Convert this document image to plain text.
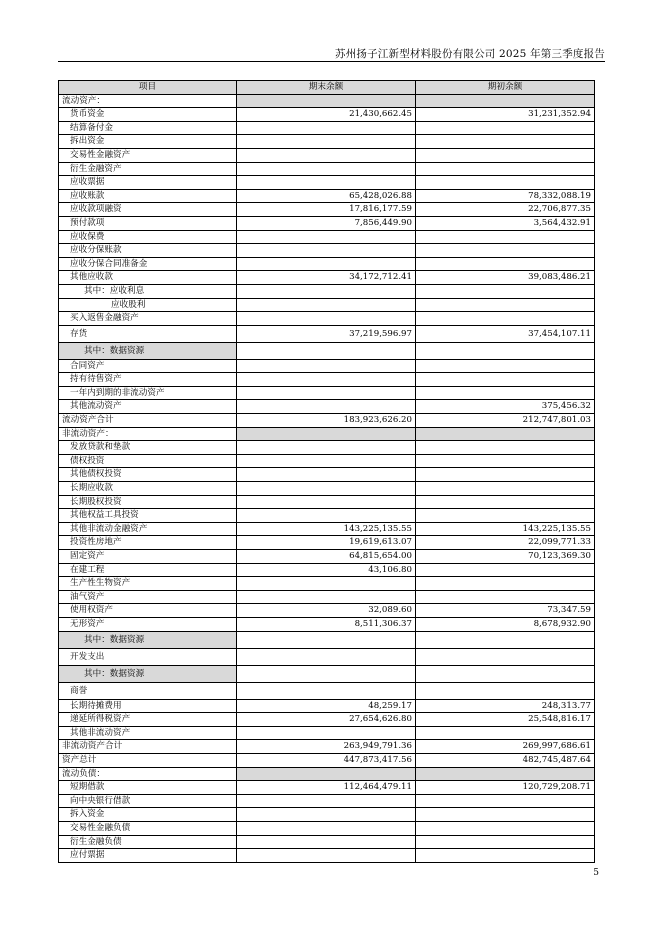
苏州扬子江新型材料股份有限公司 2025 年第三季度报告
项目	期末余额	期初余额
流动资产：		
货币资金	21,430,662.45	31,231,352.94
结算备付金		
拆出资金		
交易性金融资产		
衍生金融资产		
应收票据		
应收账款	65,428,026.88	78,332,088.19
应收款项融资	17,816,177.59	22,706,877.35
预付款项	7,856,449.90	3,564,432.91
应收保费		
应收分保账款		
应收分保合同准备金		
其他应收款	34,172,712.41	39,083,486.21
其中：应收利息		
应收股利		
买入返售金融资产		
存货	37,219,596.97	37,454,107.11
其中：数据资源		
合同资产		
持有待售资产		
一年内到期的非流动资产		
其他流动资产		375,456.32
流动资产合计	183,923,626.20	212,747,801.03
非流动资产：		
发放贷款和垫款		
债权投资		
其他债权投资		
长期应收款		
长期股权投资		
其他权益工具投资		
其他非流动金融资产	143,225,135.55	143,225,135.55
投资性房地产	19,619,613.07	22,099,771.33
固定资产	64,815,654.00	70,123,369.30
在建工程	43,106.80	
生产性生物资产		
油气资产		
使用权资产	32,089.60	73,347.59
无形资产	8,511,306.37	8,678,932.90
其中：数据资源		
开发支出		
其中：数据资源		
商誉		
长期待摊费用	48,259.17	248,313.77
递延所得税资产	27,654,626.80	25,548,816.17
其他非流动资产		
非流动资产合计	263,949,791.36	269,997,686.61
资产总计	447,873,417.56	482,745,487.64
流动负债：		
短期借款	112,464,479.11	120,729,208.71
向中央银行借款		
拆入资金		
交易性金融负债		
衍生金融负债		
应付票据		
5
